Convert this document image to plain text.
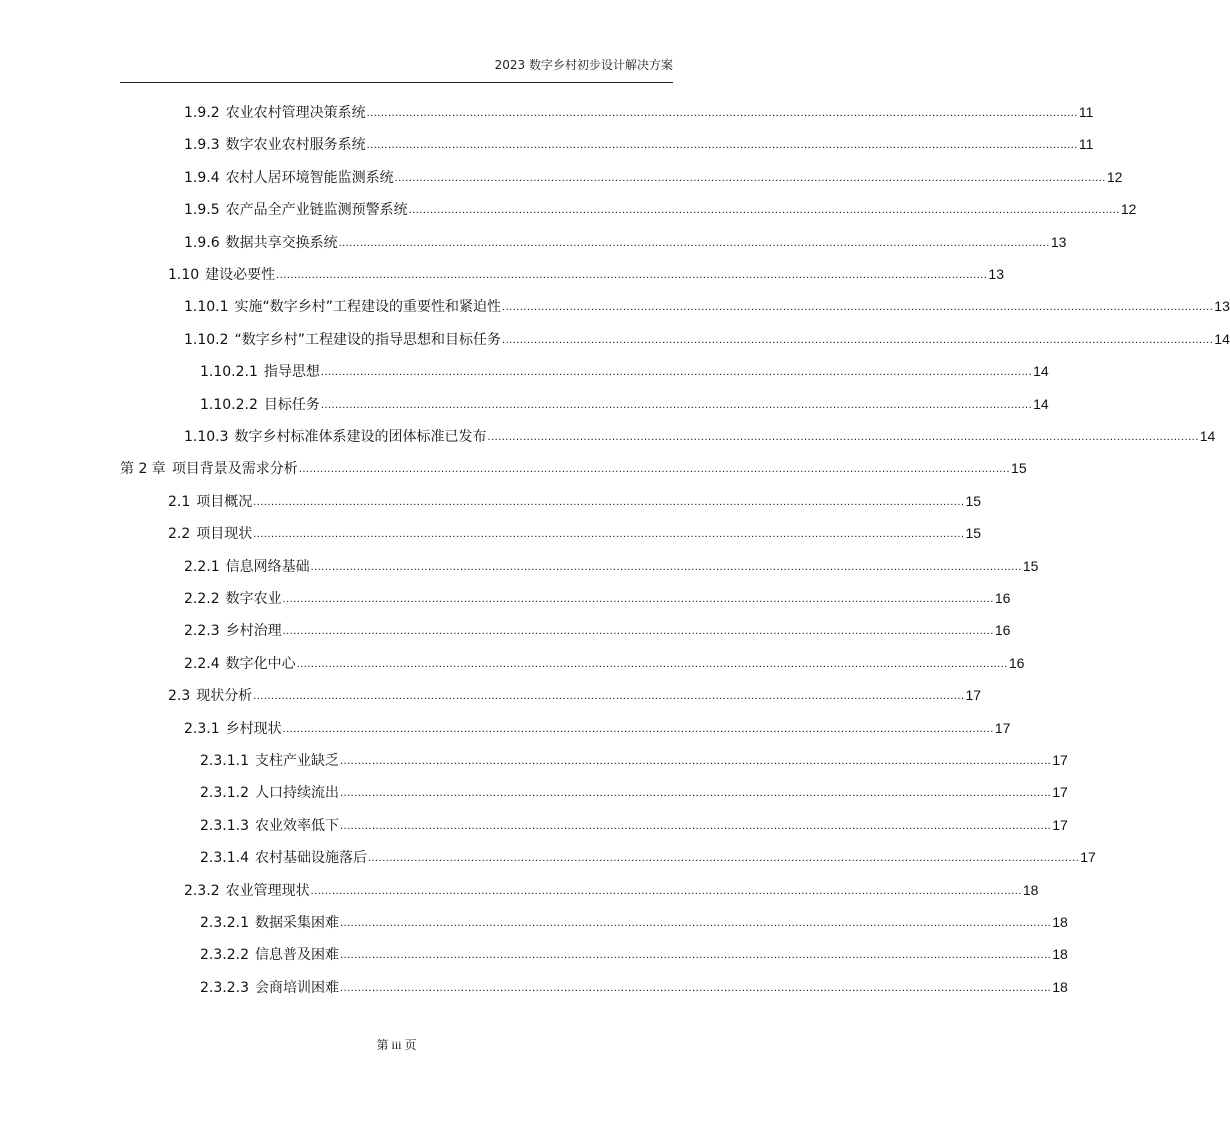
2023 数字乡村初步设计解决方案
1.9.2 农业农村管理决策系统 ........................................................................................................................................................................................................ 11
1.9.3 数字农业农村服务系统 ........................................................................................................................................................................................................ 11
1.9.4 农村人居环境智能监测系统 ........................................................................................................................................................................................................ 12
1.9.5 农产品全产业链监测预警系统 ........................................................................................................................................................................................................ 12
1.9.6 数据共享交换系统 ........................................................................................................................................................................................................ 13
1.10 建设必要性 ........................................................................................................................................................................................................ 13
1.10.1 实施“数字乡村”工程建设的重要性和紧迫性 ........................................................................................................................................................................................................ 13
1.10.2 “数字乡村”工程建设的指导思想和目标任务 ........................................................................................................................................................................................................ 14
1.10.2.1 指导思想 ........................................................................................................................................................................................................ 14
1.10.2.2 目标任务 ........................................................................................................................................................................................................ 14
1.10.3 数字乡村标准体系建设的团体标准已发布 ........................................................................................................................................................................................................ 14
第 2 章 项目背景及需求分析 ........................................................................................................................................................................................................ 15
2.1 项目概况 ........................................................................................................................................................................................................ 15
2.2 项目现状 ........................................................................................................................................................................................................ 15
2.2.1 信息网络基础 ........................................................................................................................................................................................................ 15
2.2.2 数字农业 ........................................................................................................................................................................................................ 16
2.2.3 乡村治理 ........................................................................................................................................................................................................ 16
2.2.4 数字化中心 ........................................................................................................................................................................................................ 16
2.3 现状分析 ........................................................................................................................................................................................................ 17
2.3.1 乡村现状 ........................................................................................................................................................................................................ 17
2.3.1.1 支柱产业缺乏 ........................................................................................................................................................................................................ 17
2.3.1.2 人口持续流出 ........................................................................................................................................................................................................ 17
2.3.1.3 农业效率低下 ........................................................................................................................................................................................................ 17
2.3.1.4 农村基础设施落后 ........................................................................................................................................................................................................ 17
2.3.2 农业管理现状 ........................................................................................................................................................................................................ 18
2.3.2.1 数据采集困难 ........................................................................................................................................................................................................ 18
2.3.2.2 信息普及困难 ........................................................................................................................................................................................................ 18
2.3.2.3 会商培训困难 ........................................................................................................................................................................................................ 18
第 iii 页
